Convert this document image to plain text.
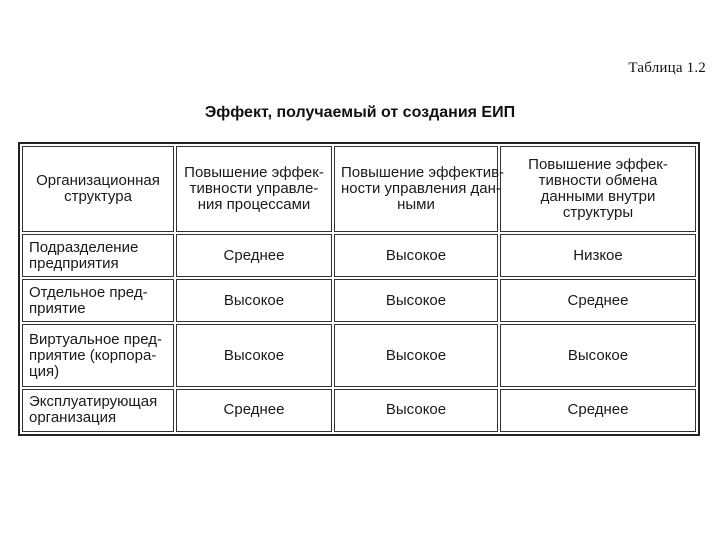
Таблица 1.2
Эффект, получаемый от создания ЕИП
Организационная
структура	Повышение эффек-
тивности управле-
ния процессами	Повышение эффектив-
ности управления дан-
ными	Повышение эффек-
тивности обмена
данными внутри
структуры

Подразделение
предприятия	Среднее	Высокое	Низкое

Отдельное пред-
приятие	Высокое	Высокое	Среднее

Виртуальное пред-
приятие (корпора-
ция)	Высокое	Высокое	Высокое

Эксплуатирующая
организация	Среднее	Высокое	Среднее
